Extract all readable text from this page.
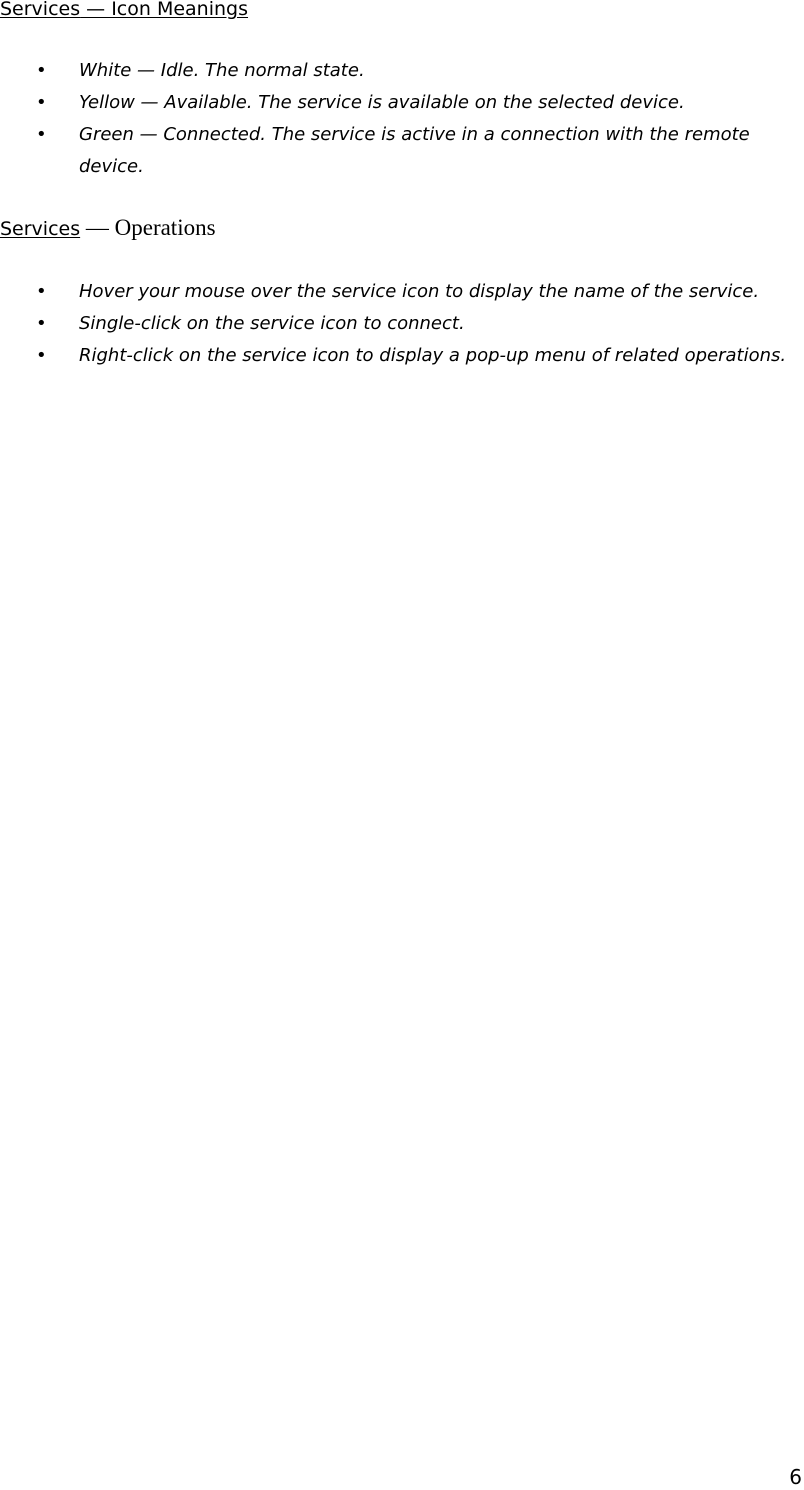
Services — Icon Meanings
• White — Idle. The normal state.
• Yellow — Available. The service is available on the selected device.
• Green — Connected. The service is active in a connection with the remote device.
Services — Operations
• Hover your mouse over the service icon to display the name of the service.
• Single-click on the service icon to connect.
• Right-click on the service icon to display a pop-up menu of related operations.
6
